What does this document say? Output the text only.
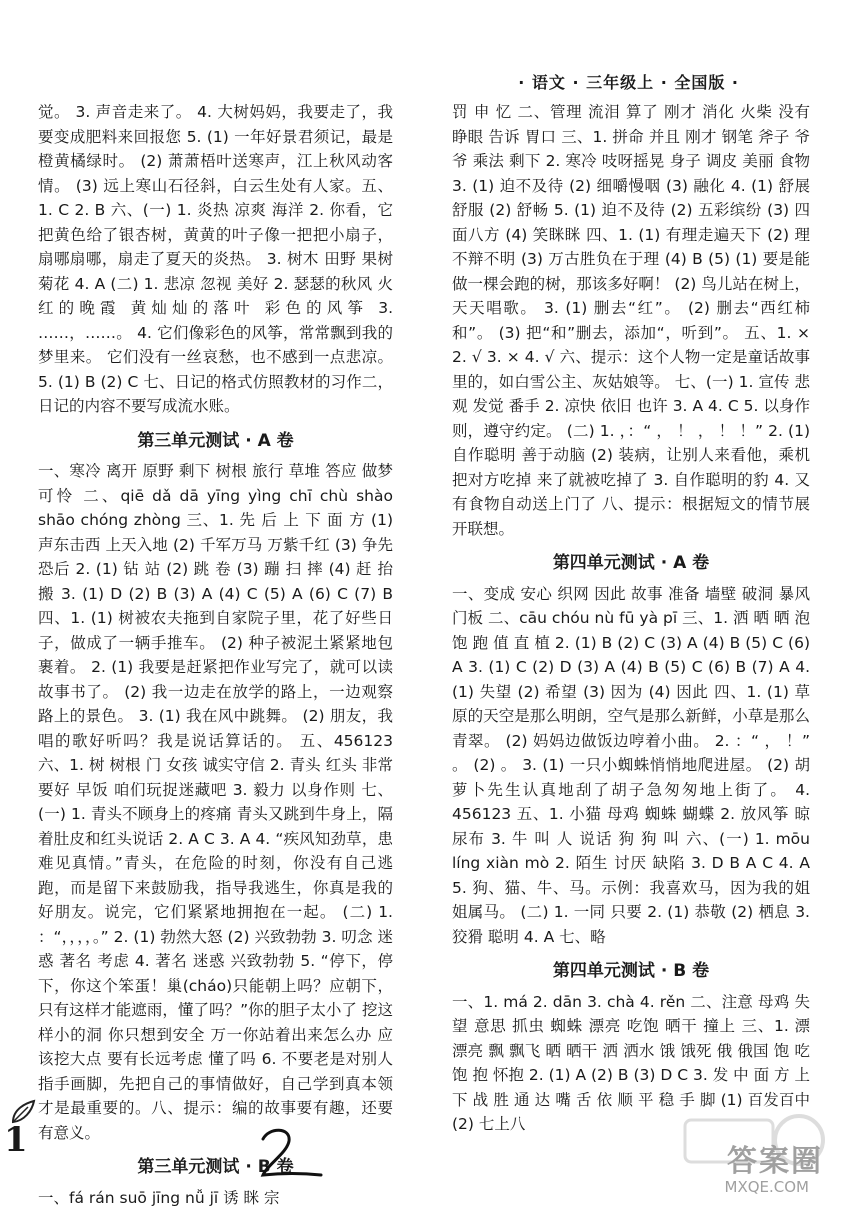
· 语文 · 三年级上 · 全国版 ·

觉。 3. 声音走来了。 4. 大树妈妈，我要走了，我要变成肥料来回报您 5. (1) 一年好景君须记，最是橙黄橘绿时。 (2) 萧萧梧叶送寒声，江上秋风动客情。 (3) 远上寒山石径斜，白云生处有人家。五、1. C 2. B 六、(一) 1. 炎热 凉爽 海洋 2. 你看，它把黄色给了银杏树，黄黄的叶子像一把把小扇子，扇哪扇哪，扇走了夏天的炎热。 3. 树木 田野 果树 菊花 4. A (二) 1. 悲凉 忽视 美好 2. 瑟瑟的秋风 火红的晚霞 黄灿灿的落叶 彩色的风筝 3. ……，……。 4. 它们像彩色的风筝，常常飘到我的梦里来。 它们没有一丝哀愁，也不感到一点悲凉。 5. (1) B (2) C 七、日记的格式仿照教材的习作二，日记的内容不要写成流水账。

第三单元测试 · A 卷

一、寒冷 离开 原野 剩下 树根 旅行 草堆 答应 做梦 可怜 二、qiē dǎ dā yīng yìng chī chù shào shāo chóng zhòng 三、1. 先 后 上 下 面 方 (1) 声东击西 上天入地 (2) 千军万马 万紫千红 (3) 争先恐后 2. (1) 钻 站 (2) 跳 卷 (3) 蹦 扫 摔 (4) 赶 抬 搬 3. (1) D (2) B (3) A (4) C (5) A (6) C (7) B 四、1. (1) 树被农夫拖到自家院子里，花了好些日子，做成了一辆手推车。 (2) 种子被泥土紧紧地包裹着。 2. (1) 我要是赶紧把作业写完了，就可以读故事书了。 (2) 我一边走在放学的路上，一边观察路上的景色。 3. (1) 我在风中跳舞。 (2) 朋友，我唱的歌好听吗？我是说话算话的。 五、456123 六、1. 树 树根 门 女孩 诚实守信 2. 青头 红头 非常要好 早饭 咱们玩捉迷藏吧 3. 毅力 以身作则 七、(一) 1. 青头不顾身上的疼痛 青头又跳到牛身上，隔着肚皮和红头说话 2. A C 3. A 4. “疾风知劲草，患难见真情。”青头，在危险的时刻，你没有自己逃跑，而是留下来鼓励我，指导我逃生，你真是我的好朋友。说完，它们紧紧地拥抱在一起。 (二) 1. ：“，，，，。” 2. (1) 勃然大怒 (2) 兴致勃勃 3. 叨念 迷惑 著名 考虑 4. 著名 迷惑 兴致勃勃 5. “停下，停下，你这个笨蛋！巢(cháo)只能朝上吗？应朝下，只有这样才能遮雨，懂了吗？”你的胆子太小了 挖这样小的洞 你只想到安全 万一你站着出来怎么办 应该挖大点 要有长远考虑 懂了吗 6. 不要老是对别人指手画脚，先把自己的事情做好，自己学到真本领才是最重要的。八、提示：编的故事要有趣，还要有意义。

第三单元测试 · B 卷

一、fá rán suō jīng nǚ jī 诱 眯 宗

罚 申 忆 二、管理 流泪 算了 刚才 消化 火柴 没有 睁眼 告诉 胃口 三、1. 拼命 并且 刚才 钢笔 斧子 爷爷 乘法 剩下 2. 寒冷 吱呀摇晃 身子 调皮 美丽 食物 3. (1) 迫不及待 (2) 细嚼慢咽 (3) 融化 4. (1) 舒展 舒服 (2) 舒畅 5. (1) 迫不及待 (2) 五彩缤纷 (3) 四面八方 (4) 笑眯眯 四、1. (1) 有理走遍天下 (2) 理不辩不明 (3) 万古胜负在于理 (4) B (5) (1) 要是能做一棵会跑的树，那该多好啊！ (2) 鸟儿站在树上，天天唱歌。 3. (1) 删去“红”。 (2) 删去“西红柿和”。 (3) 把“和”删去，添加“，听到”。 五、1. × 2. √ 3. × 4. √ 六、提示：这个人物一定是童话故事里的，如白雪公主、灰姑娘等。 七、(一) 1. 宣传 悲观 发觉 番手 2. 凉快 依旧 也许 3. A 4. C 5. 以身作则，遵守约定。 (二) 1. ，：“ ， ！ ， ！ ！” 2. (1) 自作聪明 善于动脑 (2) 装病，让别人来看他，乘机把对方吃掉 来了就被吃掉了 3. 自作聪明的豹 4. 又有食物自动送上门了 八、提示：根据短文的情节展开联想。

第四单元测试 · A 卷

一、变成 安心 织网 因此 故事 准备 墙壁 破洞 暴风 门板 二、cāu chóu nù fū yà pī 三、1. 洒 晒 晒 泡 饱 跑 值 直 植 2. (1) B (2) C (3) A (4) B (5) C (6) A 3. (1) C (2) D (3) A (4) B (5) C (6) B (7) A 4. (1) 失望 (2) 希望 (3) 因为 (4) 因此 四、1. (1) 草原的天空是那么明朗，空气是那么新鲜，小草是那么青翠。 (2) 妈妈边做饭边哼着小曲。 2. ：“ ， ！” 。 (2) 。 3. (1) 一只小蜘蛛悄悄地爬进屋。 (2) 胡萝卜先生认真地刮了胡子急匆匆地上街了。 4. 456123 五、1. 小猫 母鸡 蜘蛛 蝴蝶 2. 放风筝 晾尿布 3. 牛 叫 人 说话 狗 狗 叫 六、(一) 1. mōu líng xiàn mò 2. 陌生 讨厌 缺陷 3. D B A C 4. A 5. 狗、猫、牛、马。示例：我喜欢马，因为我的姐姐属马。 (二) 1. 一同 只要 2. (1) 恭敬 (2) 栖息 3. 狡猾 聪明 4. A 七、略

第四单元测试 · B 卷

一、1. má 2. dān 3. chà 4. rěn 二、注意 母鸡 失望 意思 抓虫 蜘蛛 漂亮 吃饱 晒干 撞上 三、1. 漂 漂亮 飘 飘飞 晒 晒干 洒 洒水 饿 饿死 俄 俄国 饱 吃饱 抱 怀抱 2. (1) A (2) B (3) D C 3. 发 中 面 方 上 下 战 胜 通 达 嘴 舌 依 顺 平 稳 手 脚 (1) 百发百中 (2) 七上八

1
答案圈
MXQE.COM
